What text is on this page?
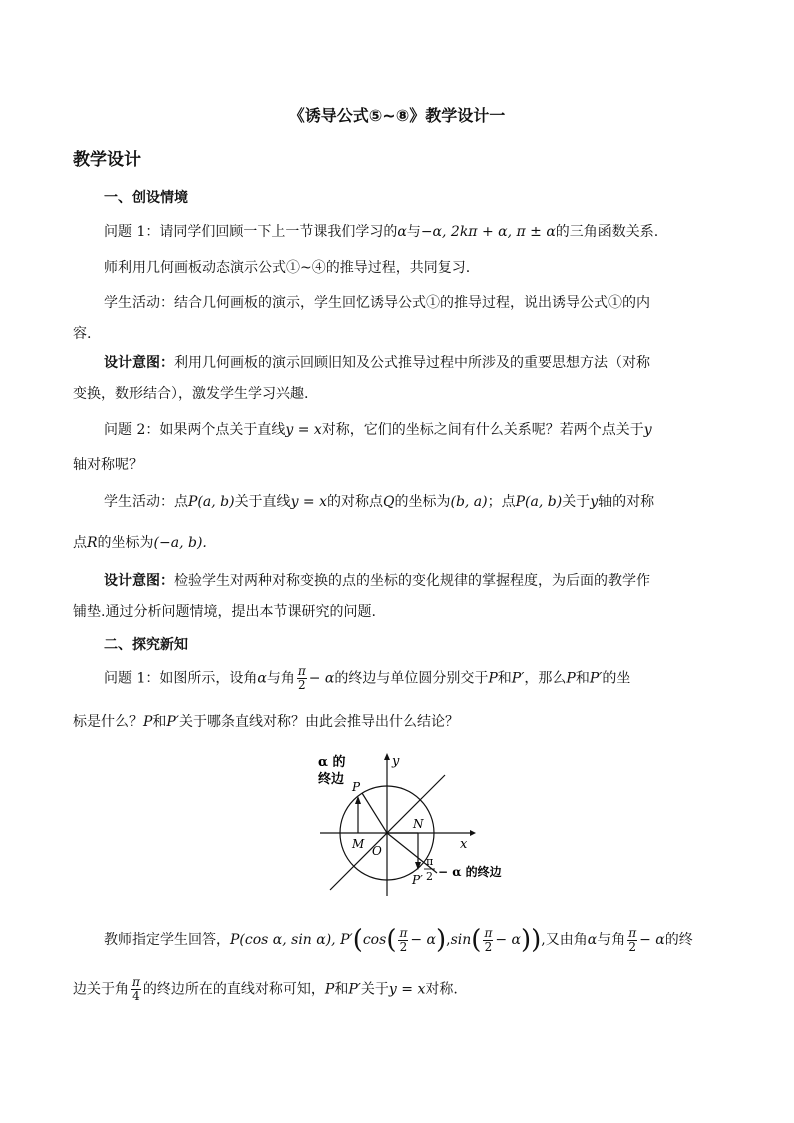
《诱导公式⑤~⑧》教学设计一
教学设计
一、创设情境
问题 1：请同学们回顾一下上一节课我们学习的α与−α, 2kπ + α, π ± α的三角函数关系.
师利用几何画板动态演示公式①~④的推导过程，共同复习.
学生活动：结合几何画板的演示，学生回忆诱导公式①的推导过程，说出诱导公式①的内
容.
设计意图：利用几何画板的演示回顾旧知及公式推导过程中所涉及的重要思想方法（对称
变换，数形结合），激发学生学习兴趣.
问题 2：如果两个点关于直线y = x对称，它们的坐标之间有什么关系呢？若两个点关于y
轴对称呢？
学生活动：点P(a, b)关于直线y = x的对称点Q的坐标为(b, a)；点P(a, b)关于y轴的对称
点R的坐标为(−a, b).
设计意图：检验学生对两种对称变换的点的坐标的变化规律的掌握程度，为后面的教学作
铺垫.通过分析问题情境，提出本节课研究的问题.
二、探究新知
问题 1：如图所示，设角α与角 $\frac{\pi}{2} - \alpha$的终边与单位圆分别交于P和P′，那么P和P′的坐
标是什么？P和P′关于哪条直线对称？由此会推导出什么结论？
α 的
终边
y
x
P
N
M O
P′
π
2 − α 的终边
教师指定学生回答，P(cos α, sin α), $P'(\cos( \frac{\pi}{2} - \alpha),\sin( \frac{\pi}{2} - \alpha))$,又由角α与角 $\frac{\pi}{2} - \alpha$的终
边关于角 $\frac{\pi}{4}$ 的终边所在的直线对称可知，P和P′关于y = x对称.
